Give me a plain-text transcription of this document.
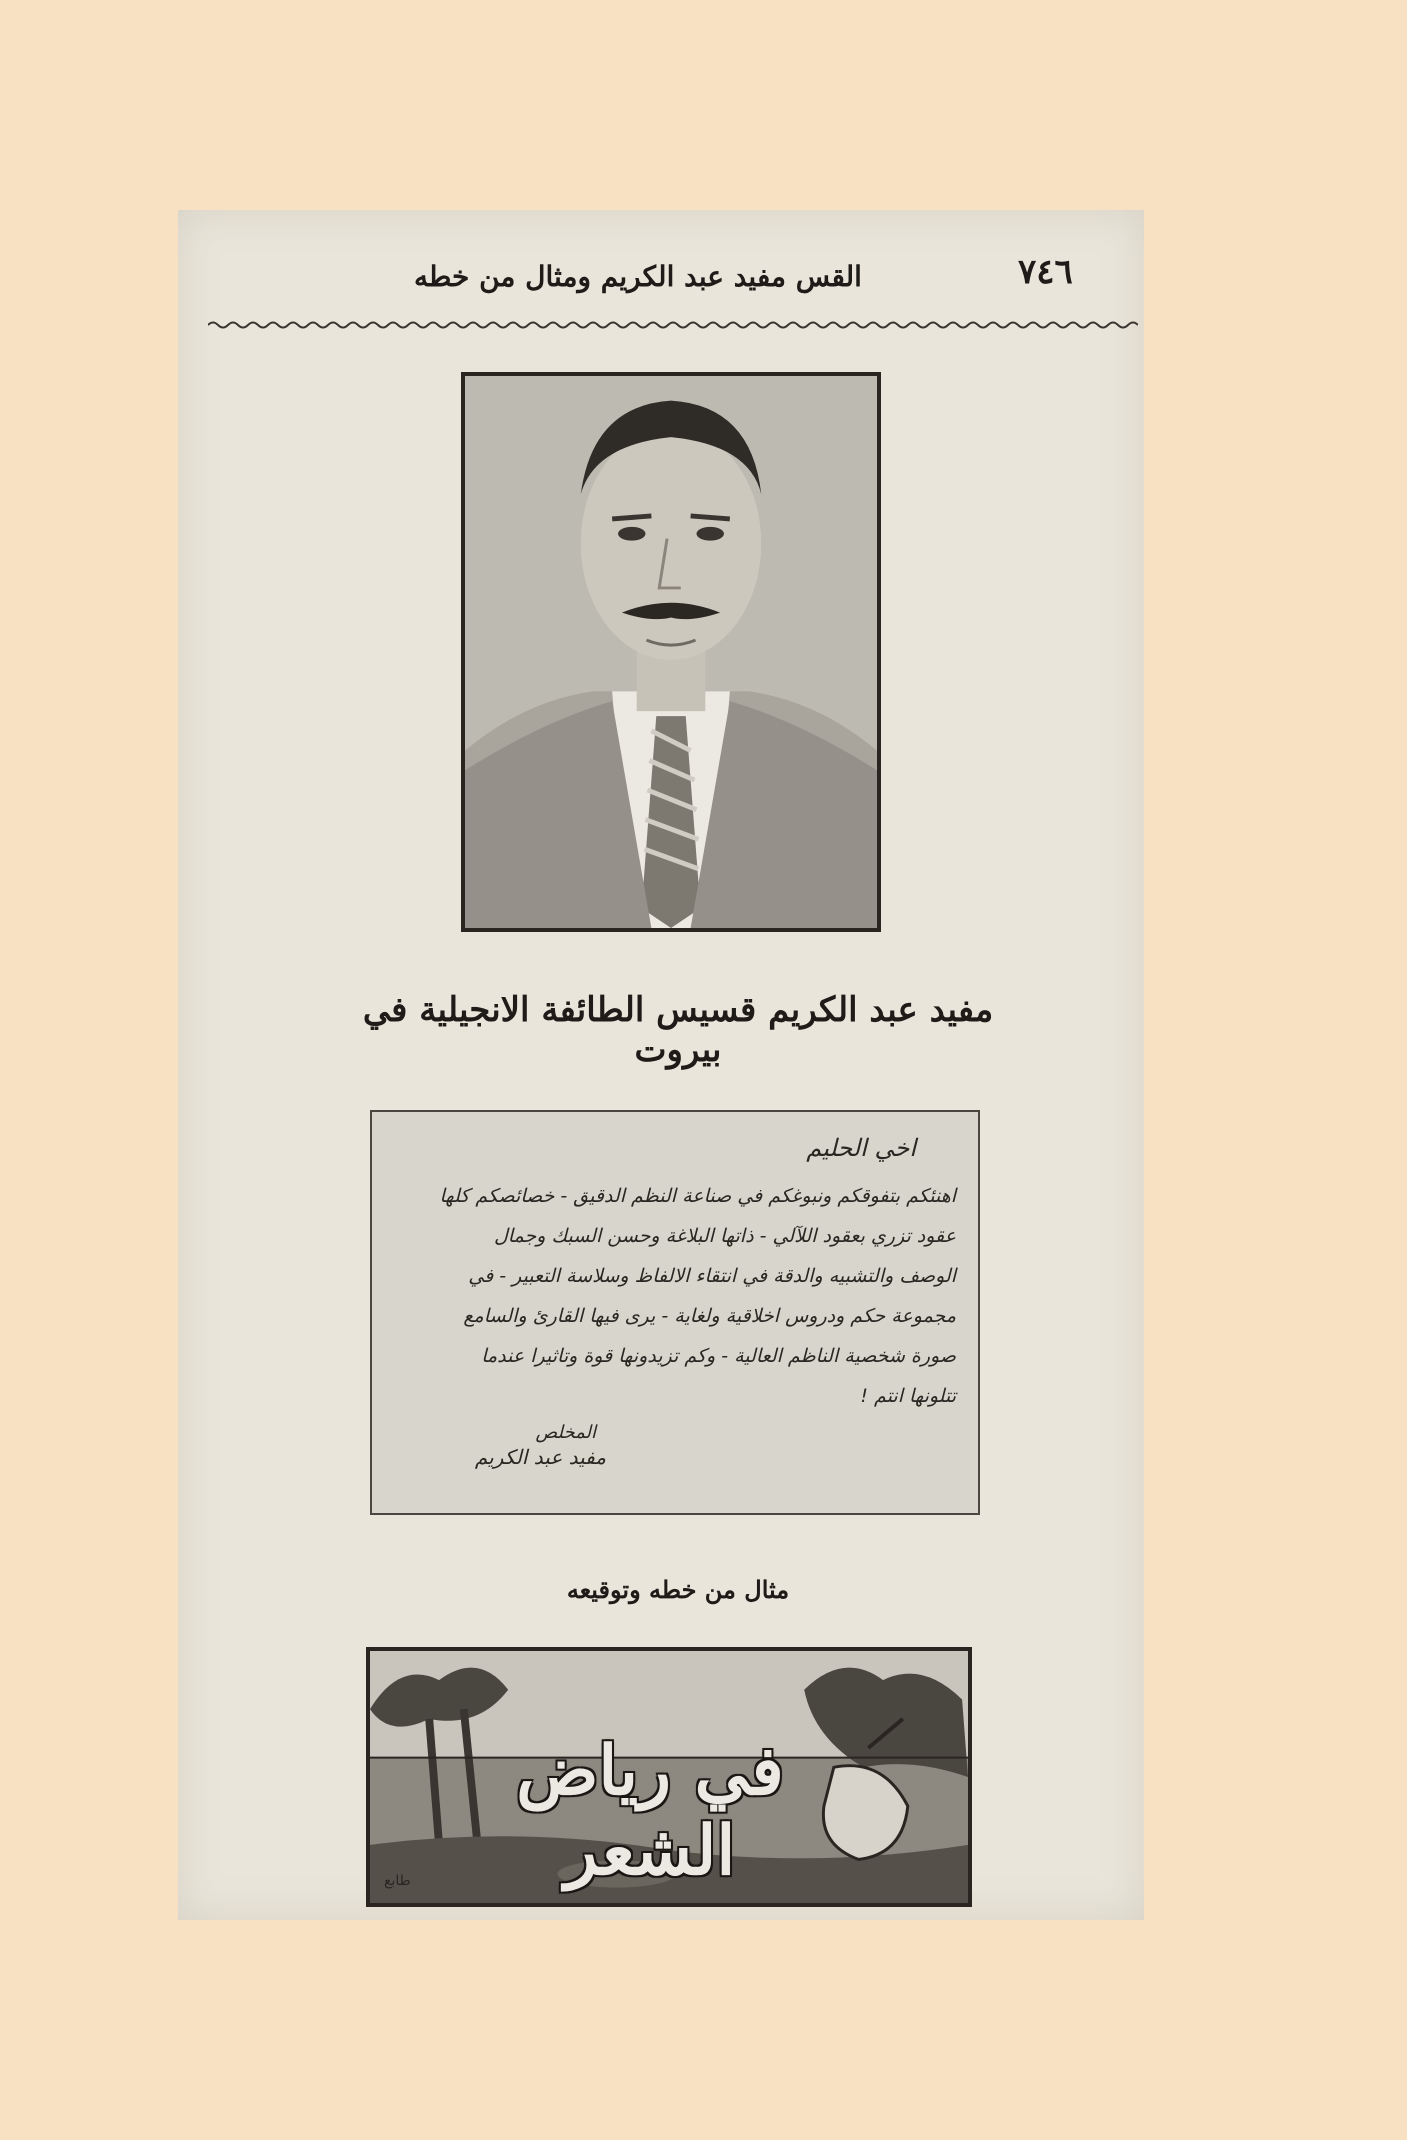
٧٤٦
القس مفيد عبد الكريم ومثال من خطه
مفيد عبد الكريم قسيس الطائفة الانجيلية في بيروت
اخي الحليم
اهنئكم بتفوقكم ونبوغكم في صناعة النظم الدقيق - خصائصكم كلها
عقود تزري بعقود اللآلي - ذاتها البلاغة وحسن السبك وجمال
الوصف والتشبيه والدقة في انتقاء الالفاظ وسلاسة التعبير - في
مجموعة حكم ودروس اخلاقية ولغاية - يرى فيها القارئ والسامع
صورة شخصية الناظم العالية - وكم تزيدونها قوة وتاثيرا عندما
تتلونها انتم !
المخلص
مفيد عبد الكريم
مثال من خطه وتوقيعه
في رياض الشعر
طابع
